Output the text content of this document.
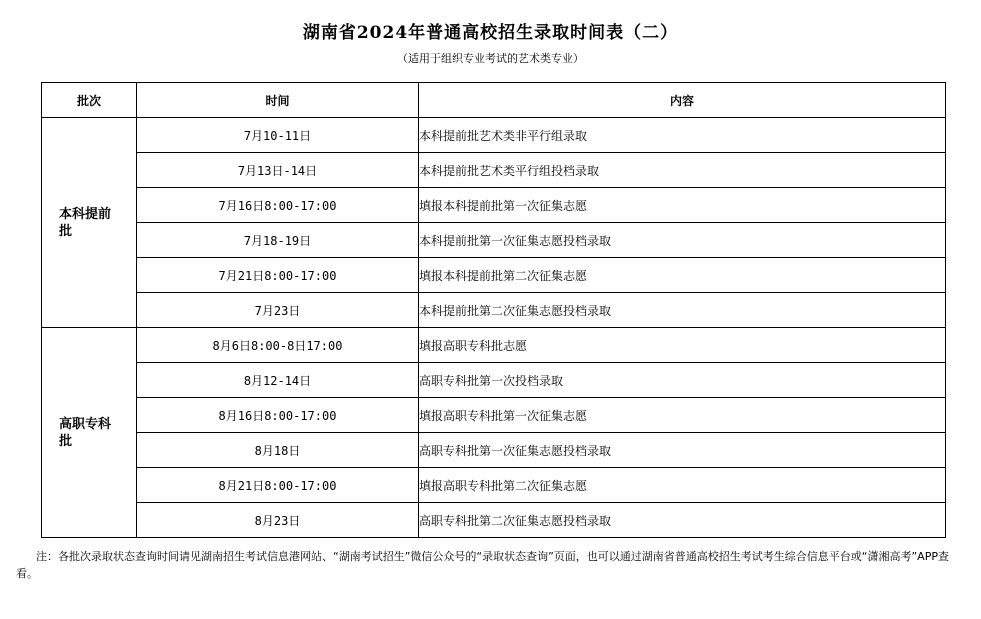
湖南省2024年普通高校招生录取时间表（二）
（适用于组织专业考试的艺术类专业）
批次	时间	内容
本科提前批	7月10-11日	本科提前批艺术类非平行组录取
	7月13日-14日	本科提前批艺术类平行组投档录取
	7月16日8:00-17:00	填报本科提前批第一次征集志愿
	7月18-19日	本科提前批第一次征集志愿投档录取
	7月21日8:00-17:00	填报本科提前批第二次征集志愿
	7月23日	本科提前批第二次征集志愿投档录取
高职专科批	8月6日8:00-8日17:00	填报高职专科批志愿
	8月12-14日	高职专科批第一次投档录取
	8月16日8:00-17:00	填报高职专科批第一次征集志愿
	8月18日	高职专科批第一次征集志愿投档录取
	8月21日8:00-17:00	填报高职专科批第二次征集志愿
	8月23日	高职专科批第二次征集志愿投档录取
注：各批次录取状态查询时间请见湖南招生考试信息港网站、“湖南考试招生”微信公众号的“录取状态查询”页面，也可以通过湖南省普通高校招生考试考生综合信息平台或“潇湘高考”APP查看。
